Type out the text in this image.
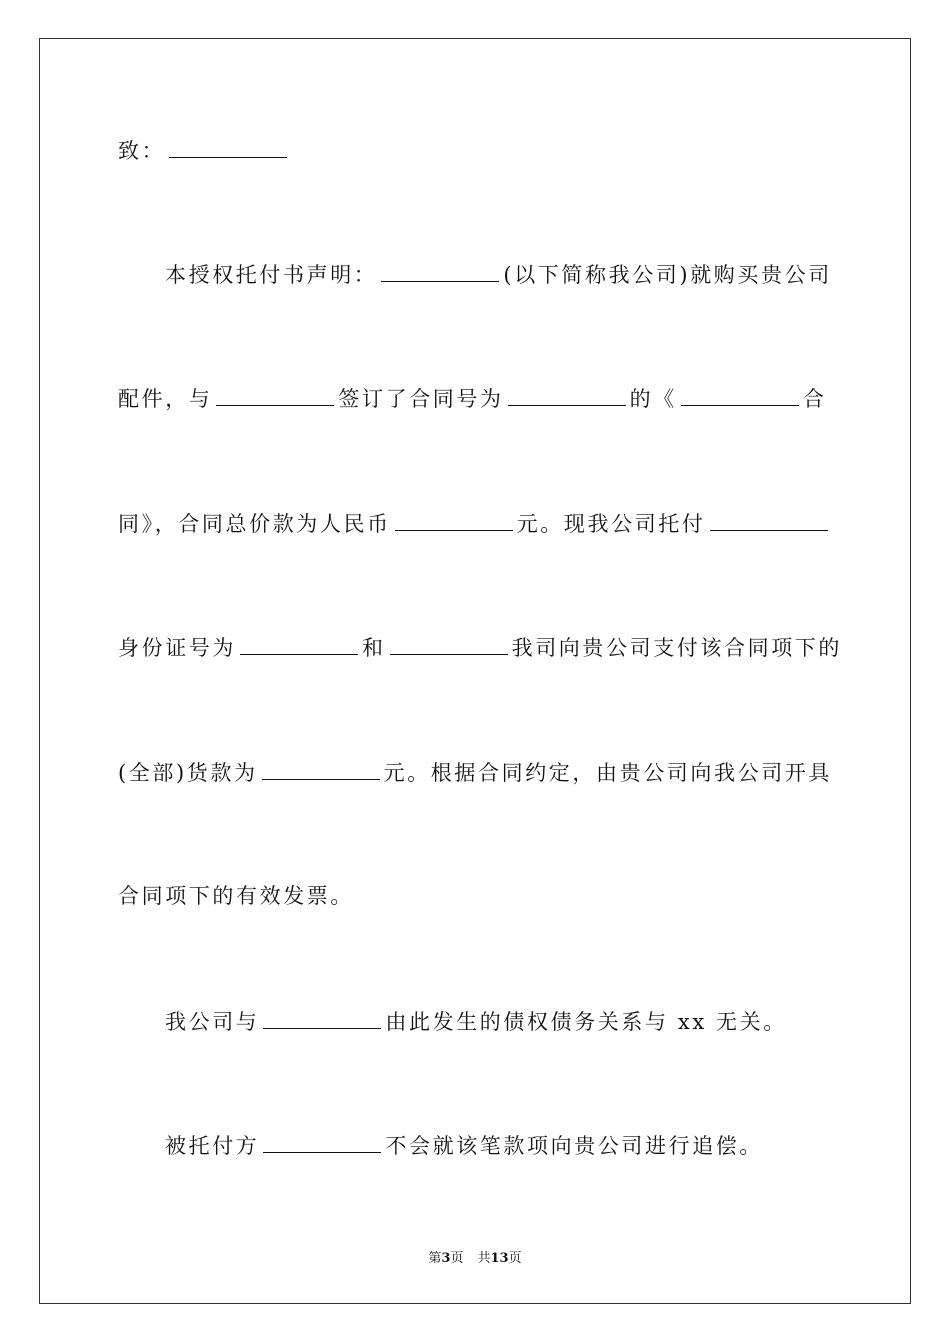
致：
本授权托付书声明：	(以下简称我公司)就购买贵公司
配件，与	签订了合同号为	的《	合
同》，合同总价款为人民币	元。现我公司托付
身份证号为	和	我司向贵公司支付该合同项下的
(全部)货款为	元。根据合同约定，由贵公司向我公司开具
合同项下的有效发票。
我公司与	由此发生的债权债务关系与 xx 无关。
被托付方	不会就该笔款项向贵公司进行追偿。
第3页 共13页
